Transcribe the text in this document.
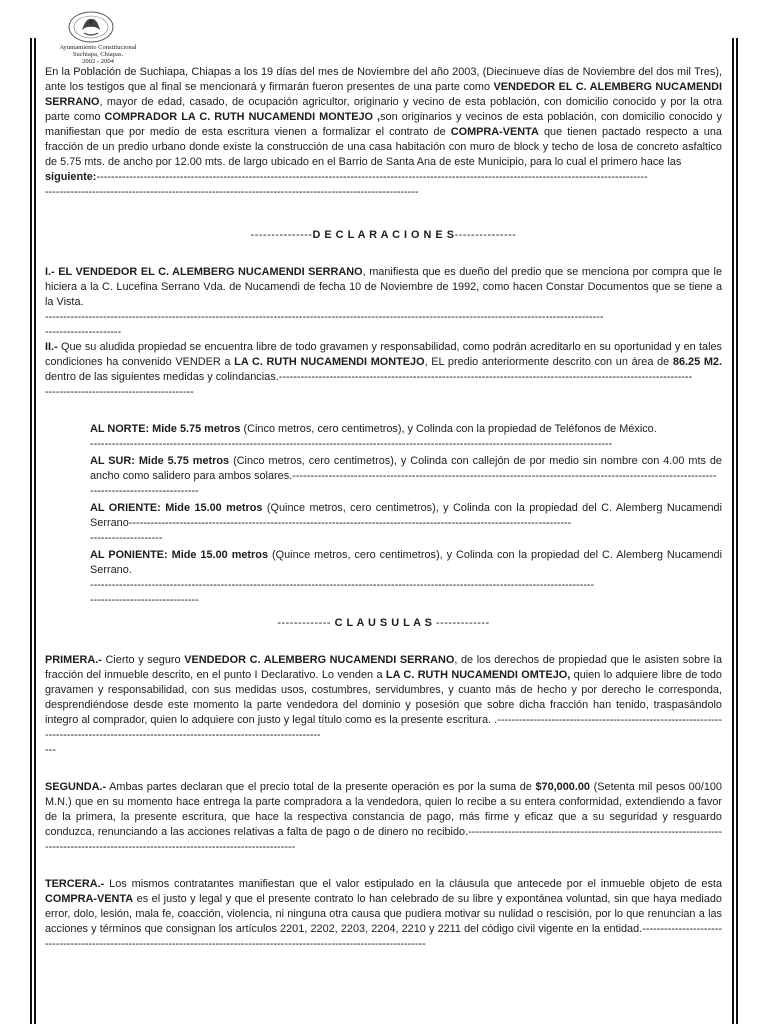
Ayuntamiento Constitucional
Suchiapa, Chiapas.
2002 - 2004

En la Población de Suchiapa, Chiapas a los 19 días del mes de Noviembre del año 2003, (Diecinueve días de Noviembre del dos mil Tres), ante los testigos que al final se mencionará y firmarán fueron presentes de una parte como VENDEDOR EL C. ALEMBERG NUCAMENDI SERRANO, mayor de edad, casado, de ocupación agricultor, originario y vecino de esta población, con domicilio conocido y por la otra parte como COMPRADOR LA C. RUTH NUCAMENDI MONTEJO ,son originarios y vecinos de esta población, con domicilio conocido y manifiestan que por medio de esta escritura vienen a formalizar el contrato de COMPRA-VENTA que tienen pactado respecto a una fracción de un predio urbano donde existe la construcción de una casa habitación con muro de block y techo de losa de concreto asfaltico de 5.75 mts. de ancho por 12.00 mts. de largo ubicado en el Barrio de Santa Ana de este Municipio, para lo cual el primero hace las

siguiente:--------------------------------------------------------------------------------------------------------------------------------------------------------

-------------------------------------------------------------------------------------------------------

---------------D E C L A R A C I O N E S---------------

I.- EL VENDEDOR EL C. ALEMBERG NUCAMENDI SERRANO, manifiesta que es dueño del predio que se menciona por compra que le hiciera a la C. Lucefina Serrano Vda. de Nucamendi de fecha 10 de Noviembre de 1992, como hacen Constar Documentos que se tiene a la Vista.

----------------------------------------------------------------------------------------------------------------------------------------------------------
---------------------

II.- Que su aludida propiedad se encuentra libre de todo gravamen y responsabilidad, como podrán acreditarlo en su oportunidad y en tales condiciones ha convenido VENDER a LA C. RUTH NUCAMENDI MONTEJO, EL predio anteriormente descrito con un área de 86.25 M2. dentro de las siguientes medidas y colindancias.------------------------------------------------------------------------------------------------------------------

-----------------------------------------

AL NORTE: Mide 5.75 metros (Cinco metros, cero centimetros), y Colinda con la propiedad de Teléfonos de México.

------------------------------------------------------------------------------------------------------------------------------------------------

AL SUR: Mide 5.75 metros (Cinco metros, cero centimetros), y Colinda con callejón de por medio sin nombre con 4.00 mts de ancho como salidero para ambos solares.---------------------------------------------------------------------------------------------------------------------

------------------------------

AL ORIENTE: Mide 15.00 metros (Quince metros, cero centimetros), y Colinda con la propiedad del C. Alemberg Nucamendi Serrano--------------------------------------------------------------------------------------------------------------------------

--------------------

AL PONIENTE: Mide 15.00 metros (Quince metros, cero centimetros), y Colinda con la propiedad del C. Alemberg Nucamendi Serrano.

-------------------------------------------------------------------------------------------------------------------------------------------
------------------------------

------------- C L A U S U L A S -------------

PRIMERA.- Cierto y seguro VENDEDOR C. ALEMBERG NUCAMENDI SERRANO, de los derechos de propiedad que le asisten sobre la fracción del inmueble descrito, en el punto I Declarativo. Lo venden a LA C. RUTH NUCAMENDI OMTEJO, quien lo adquiere libre de todo gravamen y responsabilidad, con sus medidas usos, costumbres, servidumbres, y cuanto más de hecho y por derecho le corresponda, desprendiéndose desde este momento la parte vendedora del dominio y posesión que sobre dicha fracción han tenido, traspasándolo integro al comprador, quien lo adquiere con justo y legal título como es la presente escritura. .------------------------------------------------------------------------------------------------------------------------------------------

---

SEGUNDA.- Ambas partes declaran que el precio total de la presente operación es por la suma de $70,000.00 (Setenta mil pesos 00/100 M.N.) que en su momento hace entrega la parte compradora a la vendedora, quien lo recibe a su entera conformidad, extendiendo a favor de la primera, la presente escritura, que hace la respectiva constancia de pago, más firme y eficaz que a su seguridad y resguardo conduzca, renunciando a las acciones relativas a falta de pago o de dinero no recibido.-------------------------------------------------------------------------------------------------------------------------------------------

TERCERA.- Los mismos contratantes manifiestan que el valor estipulado en la cláusula que antecede por el inmueble objeto de esta COMPRA-VENTA es el justo y legal y que el presente contrato lo han celebrado de su libre y expontánea voluntad, sin que haya mediado error, dolo, lesión, mala fe, coacción, violencia, ni ninguna otra causa que pudiera motivar su nulidad o rescisión, por lo que renuncian a las acciones y términos que consignan los artículos 2201, 2202, 2203, 2204, 2210 y 2211 del código civil vigente en la entidad.-------------------------------------------------------------------------------------------------------------------------------
